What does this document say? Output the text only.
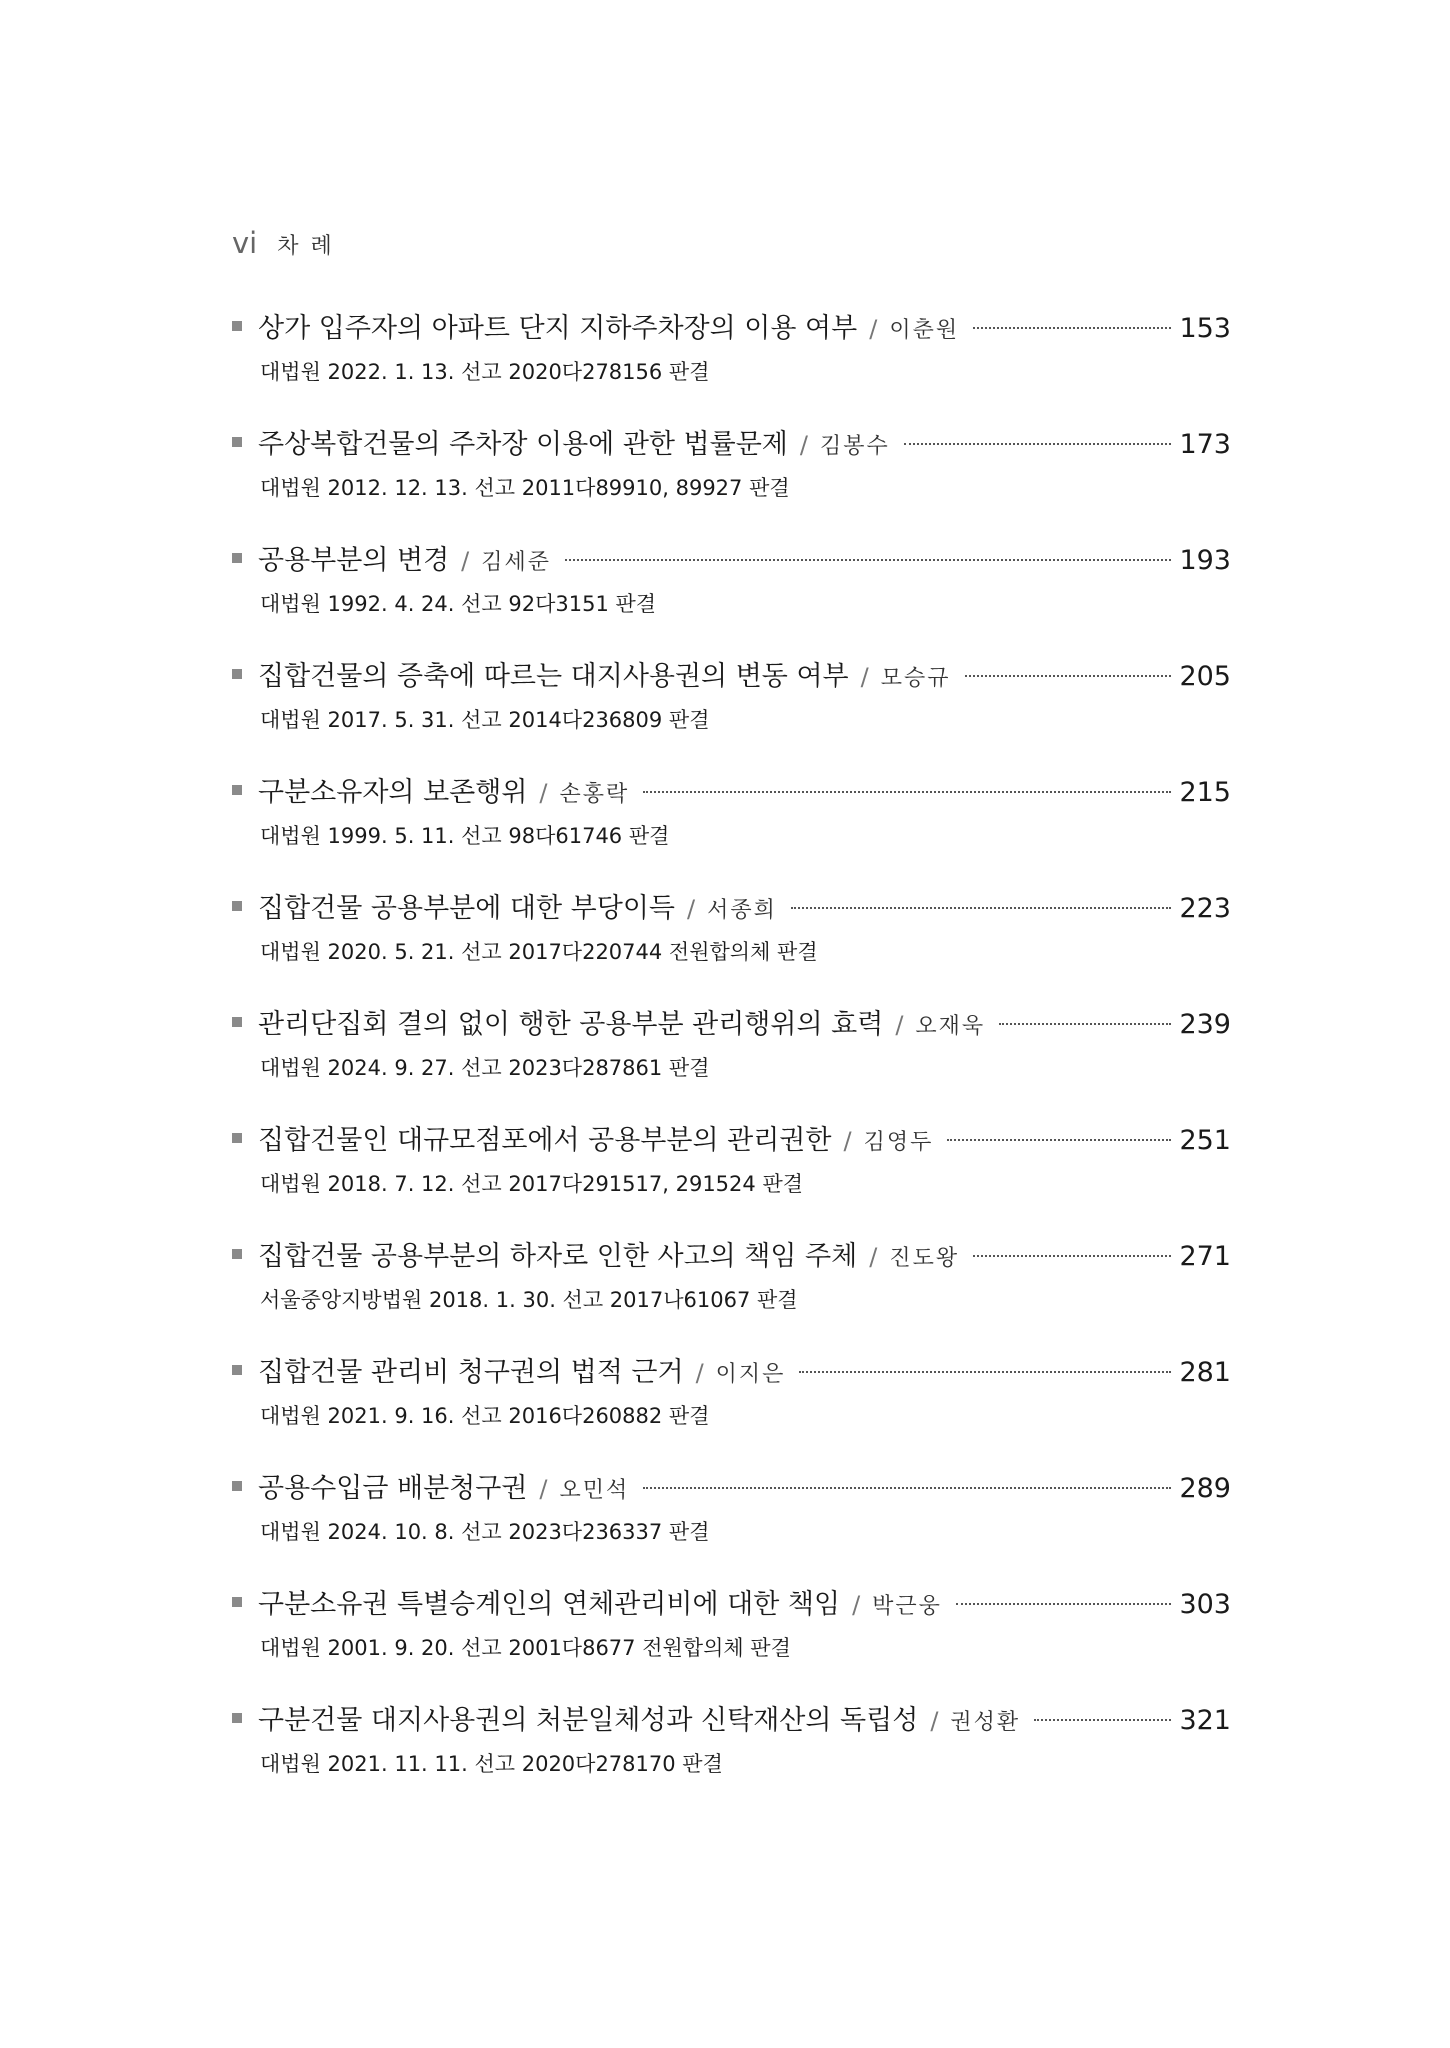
vi 차례
상가 입주자의 아파트 단지 지하주차장의 이용 여부 / 이춘원	153
대법원 2022. 1. 13. 선고 2020다278156 판결
주상복합건물의 주차장 이용에 관한 법률문제 / 김봉수	173
대법원 2012. 12. 13. 선고 2011다89910, 89927 판결
공용부분의 변경 / 김세준	193
대법원 1992. 4. 24. 선고 92다3151 판결
집합건물의 증축에 따르는 대지사용권의 변동 여부 / 모승규	205
대법원 2017. 5. 31. 선고 2014다236809 판결
구분소유자의 보존행위 / 손홍락	215
대법원 1999. 5. 11. 선고 98다61746 판결
집합건물 공용부분에 대한 부당이득 / 서종희	223
대법원 2020. 5. 21. 선고 2017다220744 전원합의체 판결
관리단집회 결의 없이 행한 공용부분 관리행위의 효력 / 오재욱	239
대법원 2024. 9. 27. 선고 2023다287861 판결
집합건물인 대규모점포에서 공용부분의 관리권한 / 김영두	251
대법원 2018. 7. 12. 선고 2017다291517, 291524 판결
집합건물 공용부분의 하자로 인한 사고의 책임 주체 / 진도왕	271
서울중앙지방법원 2018. 1. 30. 선고 2017나61067 판결
집합건물 관리비 청구권의 법적 근거 / 이지은	281
대법원 2021. 9. 16. 선고 2016다260882 판결
공용수입금 배분청구권 / 오민석	289
대법원 2024. 10. 8. 선고 2023다236337 판결
구분소유권 특별승계인의 연체관리비에 대한 책임 / 박근웅	303
대법원 2001. 9. 20. 선고 2001다8677 전원합의체 판결
구분건물 대지사용권의 처분일체성과 신탁재산의 독립성 / 권성환	321
대법원 2021. 11. 11. 선고 2020다278170 판결
